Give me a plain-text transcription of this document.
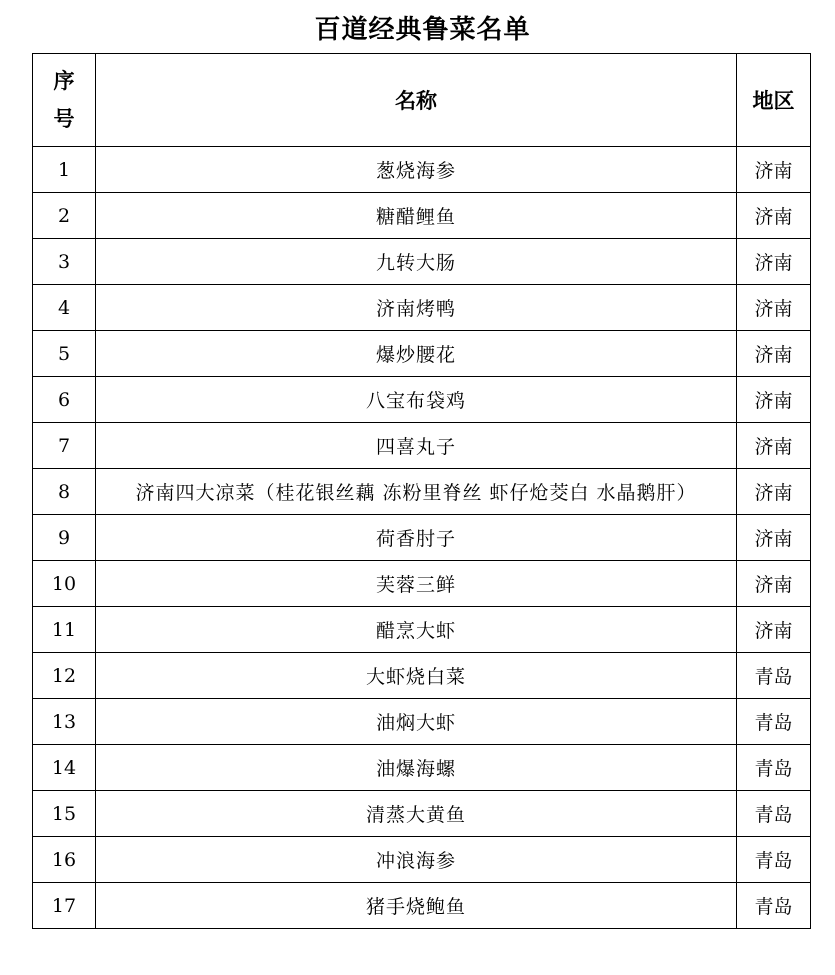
百道经典鲁菜名单
序号	名称	地区
1	葱烧海参	济南
2	糖醋鲤鱼	济南
3	九转大肠	济南
4	济南烤鸭	济南
5	爆炒腰花	济南
6	八宝布袋鸡	济南
7	四喜丸子	济南
8	济南四大凉菜（桂花银丝藕 冻粉里脊丝 虾仔炝茭白 水晶鹅肝）	济南
9	荷香肘子	济南
10	芙蓉三鲜	济南
11	醋烹大虾	济南
12	大虾烧白菜	青岛
13	油焖大虾	青岛
14	油爆海螺	青岛
15	清蒸大黄鱼	青岛
16	冲浪海参	青岛
17	猪手烧鲍鱼	青岛
